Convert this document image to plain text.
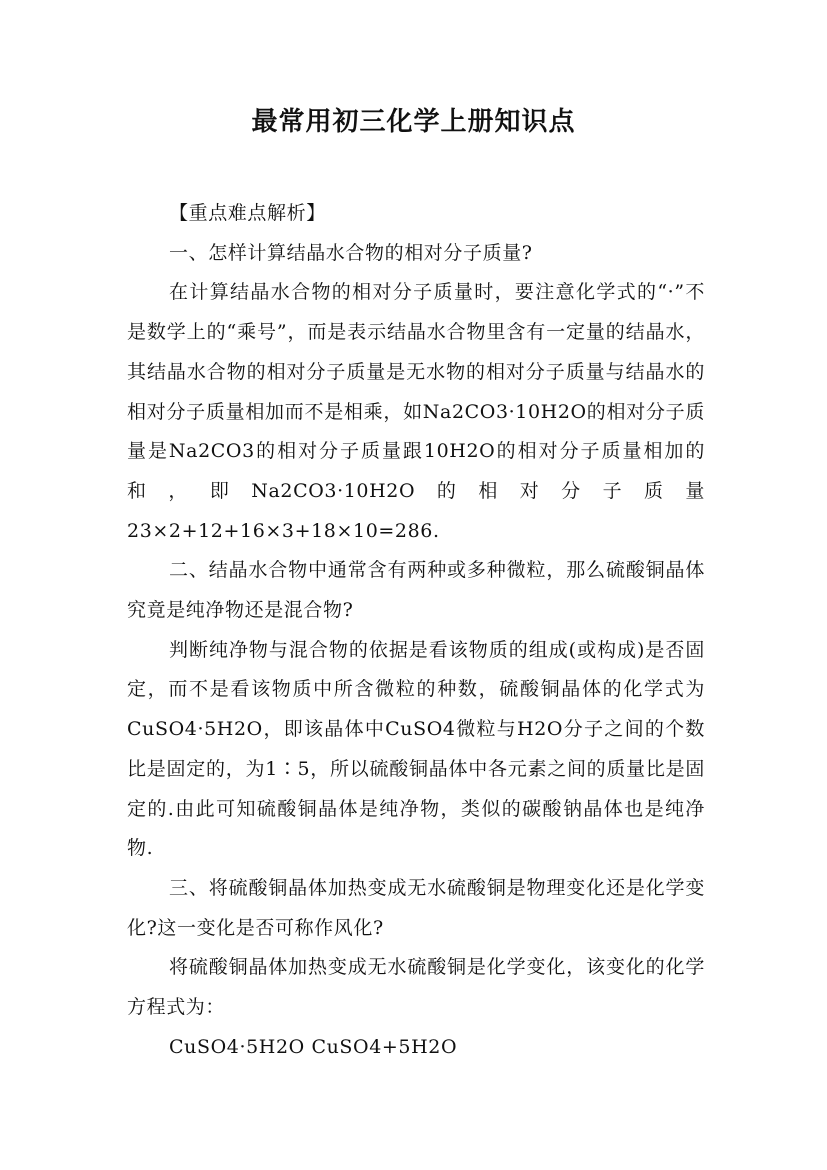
最常用初三化学上册知识点

【重点难点解析】

一、怎样计算结晶水合物的相对分子质量?

在计算结晶水合物的相对分子质量时，要注意化学式的“·”不是数学上的“乘号”，而是表示结晶水合物里含有一定量的结晶水，其结晶水合物的相对分子质量是无水物的相对分子质量与结晶水的相对分子质量相加而不是相乘，如Na2CO3·10H2O的相对分子质量是Na2CO3的相对分子质量跟10H2O的相对分子质量相加的和，即Na2CO3·10H2O的相对分子质量23×2+12+16×3+18×10=286.

二、结晶水合物中通常含有两种或多种微粒，那么硫酸铜晶体究竟是纯净物还是混合物?

判断纯净物与混合物的依据是看该物质的组成(或构成)是否固定，而不是看该物质中所含微粒的种数，硫酸铜晶体的化学式为CuSO4·5H2O，即该晶体中CuSO4微粒与H2O分子之间的个数比是固定的，为1∶5，所以硫酸铜晶体中各元素之间的质量比是固定的.由此可知硫酸铜晶体是纯净物，类似的碳酸钠晶体也是纯净物.

三、将硫酸铜晶体加热变成无水硫酸铜是物理变化还是化学变化?这一变化是否可称作风化?

将硫酸铜晶体加热变成无水硫酸铜是化学变化，该变化的化学方程式为：

CuSO4·5H2O CuSO4+5H2O
